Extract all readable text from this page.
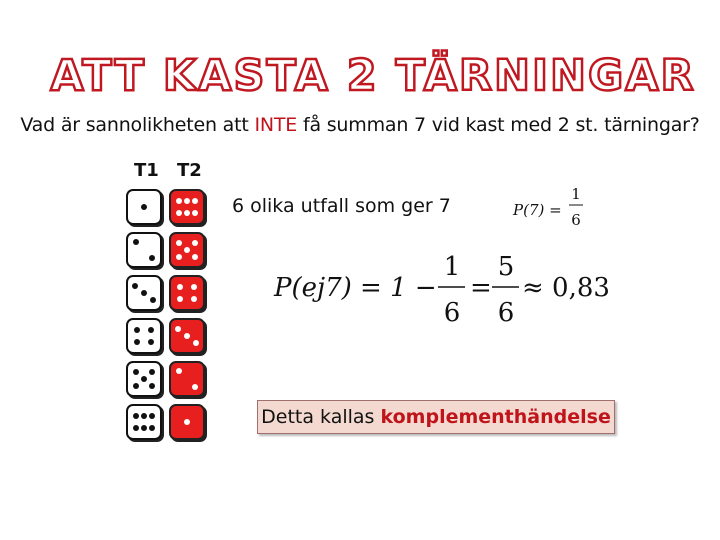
ATT KASTA 2 TÄRNINGAR
Vad är sannolikheten att INTE få summan 7 vid kast med 2 st. tärningar?
T1 T2
6 olika utfall som ger 7	P(7) =
1
6
P(ej7) = 1 −
1
6
=
5
6
≈ 0,83
Detta kallas komplementhändelse
